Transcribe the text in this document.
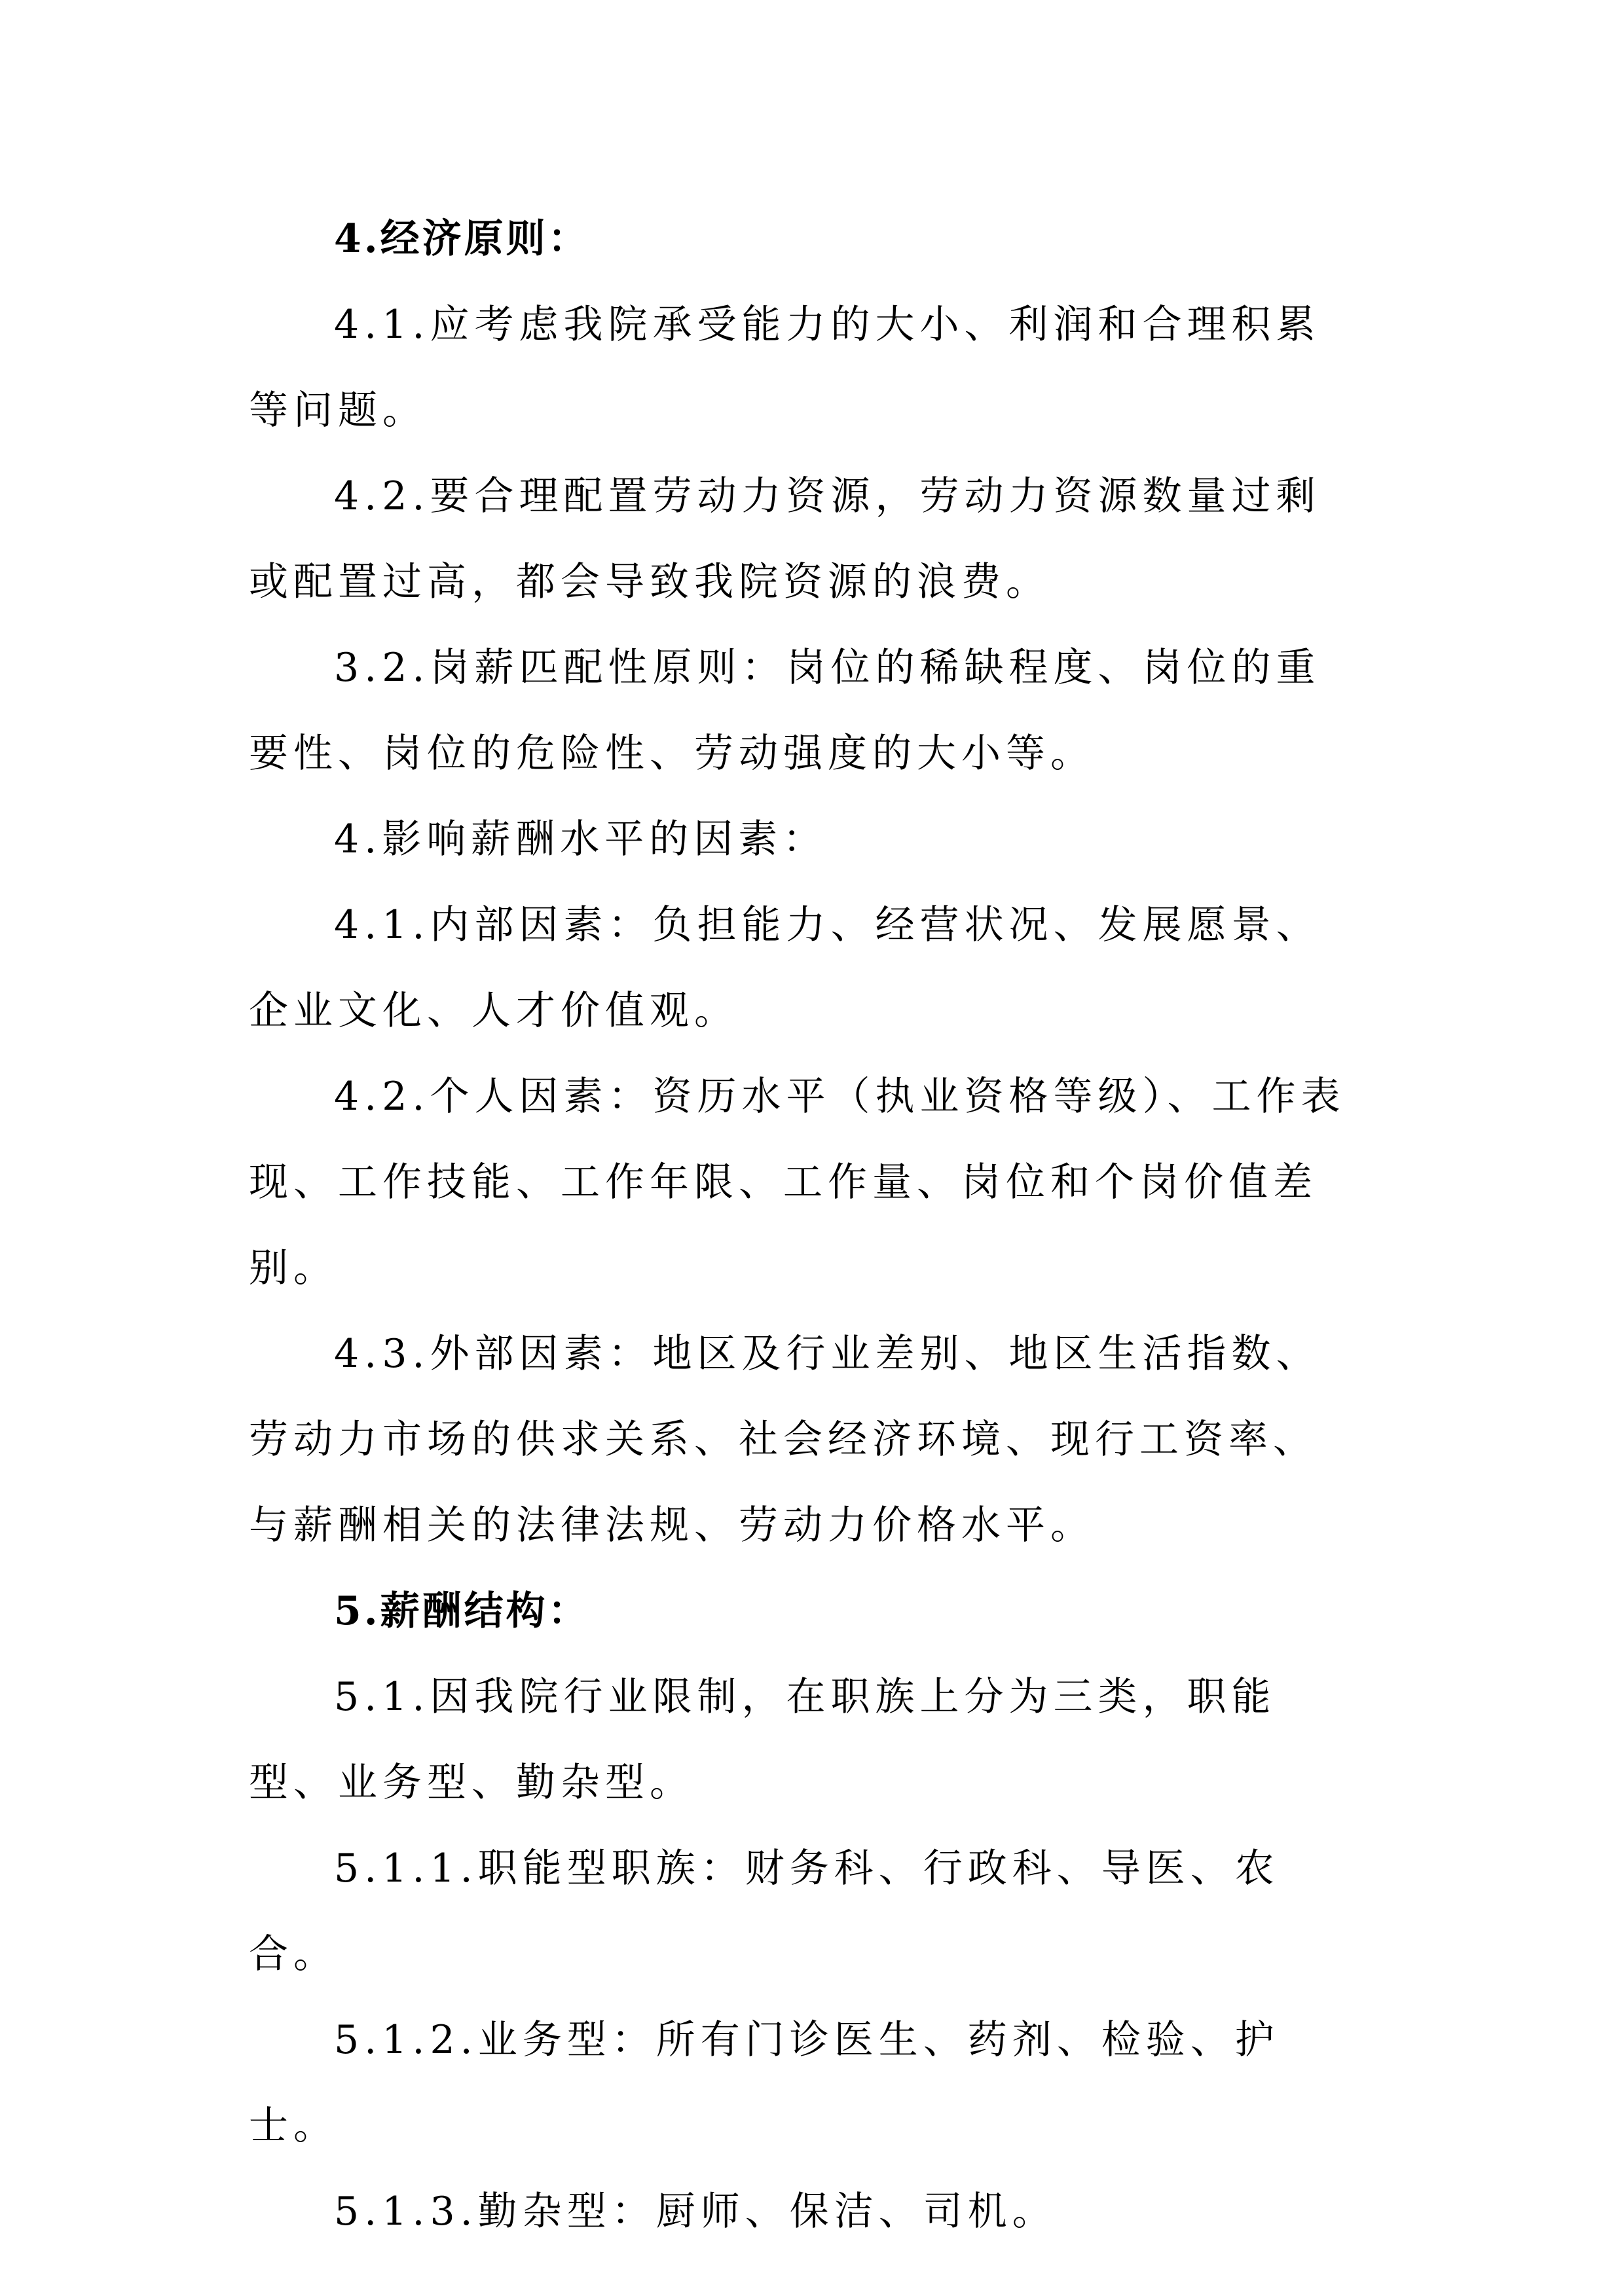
4.经济原则：

4.1.应考虑我院承受能力的大小、利润和合理积累等问题。

4.2.要合理配置劳动力资源，劳动力资源数量过剩或配置过高，都会导致我院资源的浪费。

3.2.岗薪匹配性原则：岗位的稀缺程度、岗位的重要性、岗位的危险性、劳动强度的大小等。

4.影响薪酬水平的因素：

4.1.内部因素：负担能力、经营状况、发展愿景、企业文化、人才价值观。

4.2.个人因素：资历水平（执业资格等级）、工作表现、工作技能、工作年限、工作量、岗位和个岗价值差别。

4.3.外部因素：地区及行业差别、地区生活指数、劳动力市场的供求关系、社会经济环境、现行工资率、与薪酬相关的法律法规、劳动力价格水平。

5.薪酬结构：

5.1.因我院行业限制，在职族上分为三类，职能型、业务型、勤杂型。

5.1.1.职能型职族：财务科、行政科、导医、农合。

5.1.2.业务型：所有门诊医生、药剂、检验、护士。

5.1.3.勤杂型：厨师、保洁、司机。
